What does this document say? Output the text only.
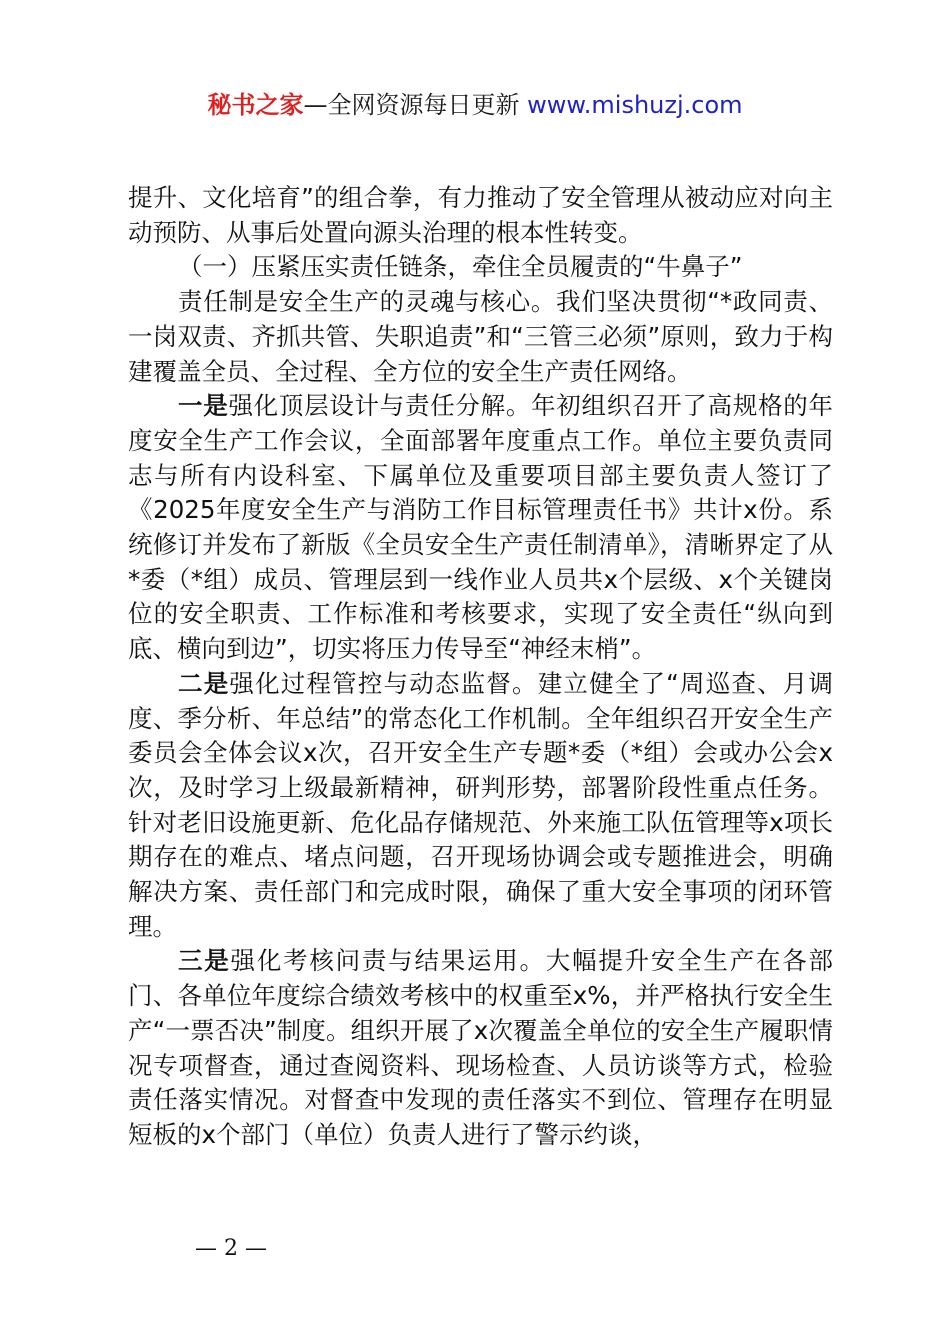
秘书之家—全网资源每日更新 www.mishuzj.com

提升、文化培育”的组合拳，有力推动了安全管理从被动应对向主动预防、从事后处置向源头治理的根本性转变。

（一）压紧压实责任链条，牵住全员履责的“牛鼻子”

责任制是安全生产的灵魂与核心。我们坚决贯彻“*政同责、一岗双责、齐抓共管、失职追责”和“三管三必须”原则，致力于构建覆盖全员、全过程、全方位的安全生产责任网络。

一是强化顶层设计与责任分解。年初组织召开了高规格的年度安全生产工作会议，全面部署年度重点工作。单位主要负责同志与所有内设科室、下属单位及重要项目部主要负责人签订了《2025年度安全生产与消防工作目标管理责任书》共计x份。系统修订并发布了新版《全员安全生产责任制清单》，清晰界定了从*委（*组）成员、管理层到一线作业人员共x个层级、x个关键岗位的安全职责、工作标准和考核要求，实现了安全责任“纵向到底、横向到边”，切实将压力传导至“神经末梢”。

二是强化过程管控与动态监督。建立健全了“周巡查、月调度、季分析、年总结”的常态化工作机制。全年组织召开安全生产委员会全体会议x次，召开安全生产专题*委（*组）会或办公会x次，及时学习上级最新精神，研判形势，部署阶段性重点任务。针对老旧设施更新、危化品存储规范、外来施工队伍管理等x项长期存在的难点、堵点问题，召开现场协调会或专题推进会，明确解决方案、责任部门和完成时限，确保了重大安全事项的闭环管理。

三是强化考核问责与结果运用。大幅提升安全生产在各部门、各单位年度综合绩效考核中的权重至x%，并严格执行安全生产“一票否决”制度。组织开展了x次覆盖全单位的安全生产履职情况专项督查，通过查阅资料、现场检查、人员访谈等方式，检验责任落实情况。对督查中发现的责任落实不到位、管理存在明显短板的x个部门（单位）负责人进行了警示约谈，

— 2 —
